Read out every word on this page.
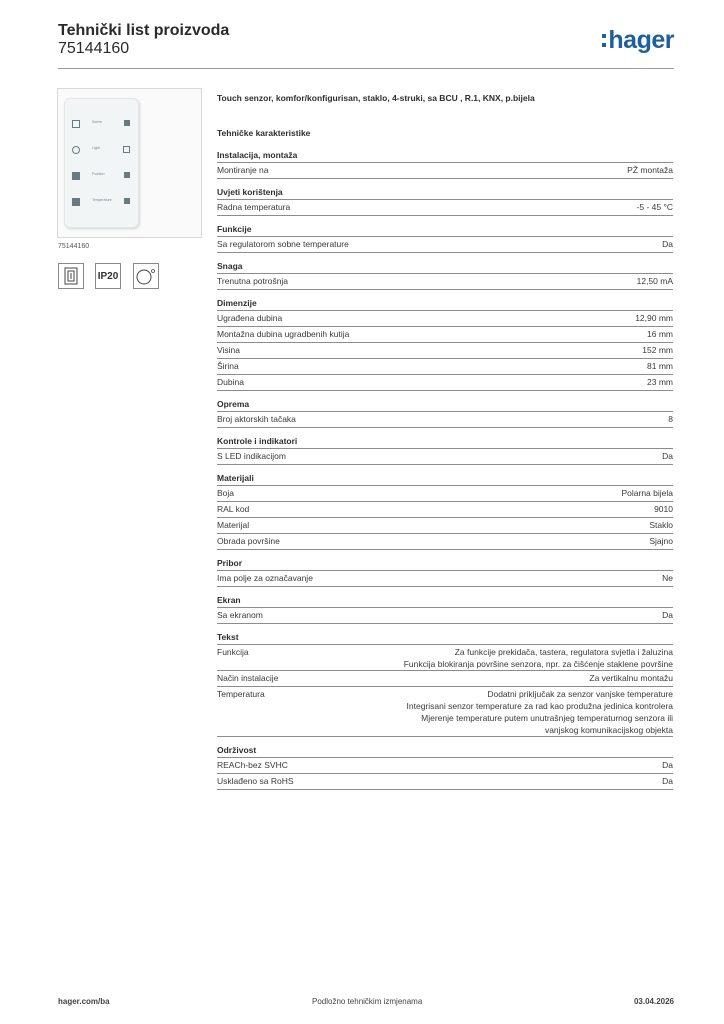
Tehnički list proizvoda
75144160	hager
Scène
Light
Position
Temperature
75144160
IP20
Touch senzor, komfor/konfigurisan, staklo, 4-struki, sa BCU , R.1, KNX, p.bijela
Tehničke karakteristike
Instalacija, montaža
Montiranje na	PŽ montaža
Uvjeti korištenja
Radna temperatura	-5 - 45 °C
Funkcije
Sa regulatorom sobne temperature	Da
Snaga
Trenutna potrošnja	12,50 mA
Dimenzije
Ugrađena dubina	12,90 mm
Montažna dubina ugradbenih kutija	16 mm
Visina	152 mm
Širina	81 mm
Dubina	23 mm
Oprema
Broj aktorskih tačaka	8
Kontrole i indikatori
S LED indikacijom	Da
Materijali
Boja	Polarna bijela
RAL kod	9010
Materijal	Staklo
Obrada površine	Sjajno
Pribor
Ima polje za označavanje	Ne
Ekran
Sa ekranom	Da
Tekst
Funkcija	Za funkcije prekidača, tastera, regulatora svjetla i žaluzina
Funkcija blokiranja površine senzora, npr. za čišćenje staklene površine
Način instalacije	Za vertikalnu montažu
Temperatura	Dodatni priključak za senzor vanjske temperature
Integrisani senzor temperature za rad kao produžna jedinica kontrolera
Mjerenje temperature putem unutrašnjeg temperaturnog senzora ili
vanjskog komunikacijskog objekta
Održivost
REACh-bez SVHC	Da
Usklađeno sa RoHS	Da
hager.com/ba	Podložno tehničkim izmjenama	03.04.2026
